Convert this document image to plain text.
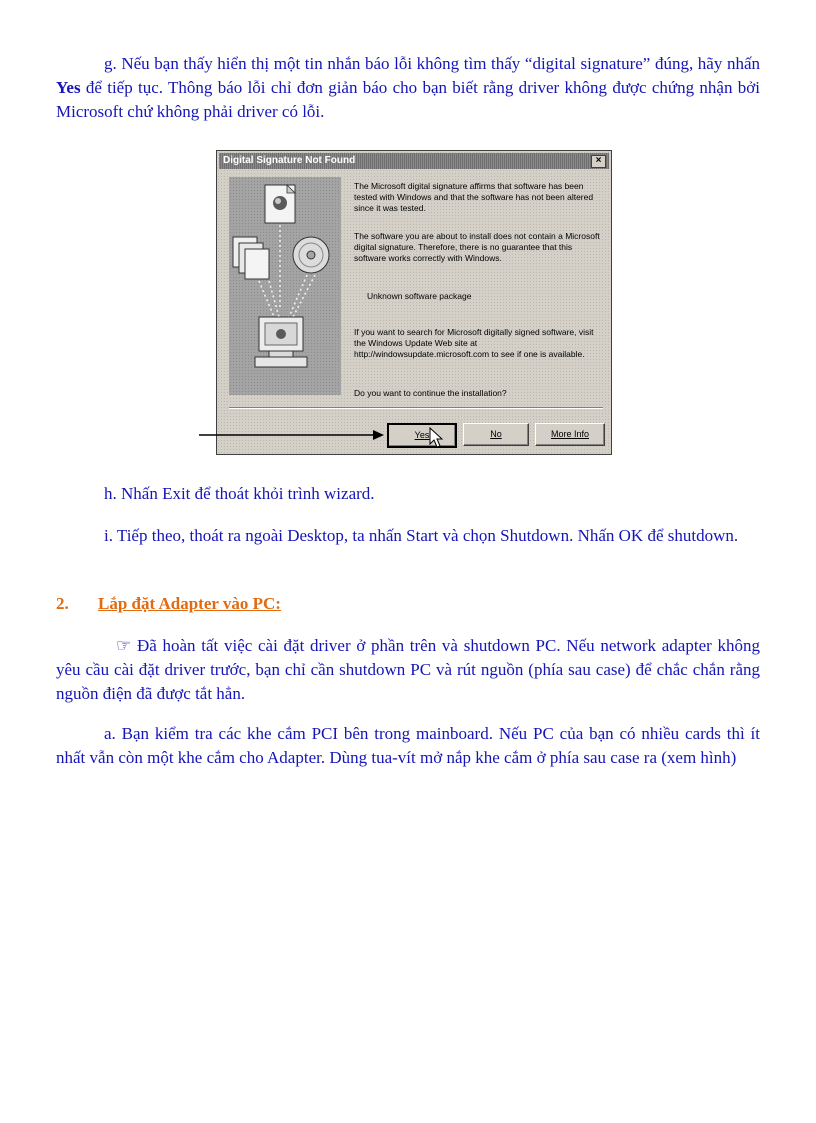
g. Nếu bạn thấy hiển thị một tin nhắn báo lỗi không tìm thấy “digital signature” đúng, hãy nhấn Yes để tiếp tục. Thông báo lỗi chỉ đơn giản báo cho bạn biết rằng driver không được chứng nhận bởi Microsoft chứ không phải driver có lỗi.

Digital Signature Not Found	×
The Microsoft digital signature affirms that software has been tested with Windows and that the software has not been altered since it was tested.
The software you are about to install does not contain a Microsoft digital signature. Therefore, there is no guarantee that this software works correctly with Windows.
Unknown software package
If you want to search for Microsoft digitally signed software, visit the Windows Update Web site at http://windowsupdate.microsoft.com to see if one is available.
Do you want to continue the installation?
Yes	No	More Info

h. Nhấn Exit để thoát khỏi trình wizard.

i. Tiếp theo, thoát ra ngoài Desktop, ta nhấn Start và chọn Shutdown. Nhấn OK để shutdown.

2. Lắp đặt Adapter vào PC:

☞ Đã hoàn tất việc cài đặt driver ở phần trên và shutdown PC. Nếu network adapter không yêu cầu cài đặt driver trước, bạn chỉ cần shutdown PC và rút nguồn (phía sau case) để chắc chắn rằng nguồn điện đã được tắt hẳn.

a. Bạn kiểm tra các khe cắm PCI bên trong mainboard. Nếu PC của bạn có nhiều cards thì ít nhất vẫn còn một khe cắm cho Adapter. Dùng tua-vít mở nắp khe cắm ở phía sau case ra (xem hình)
